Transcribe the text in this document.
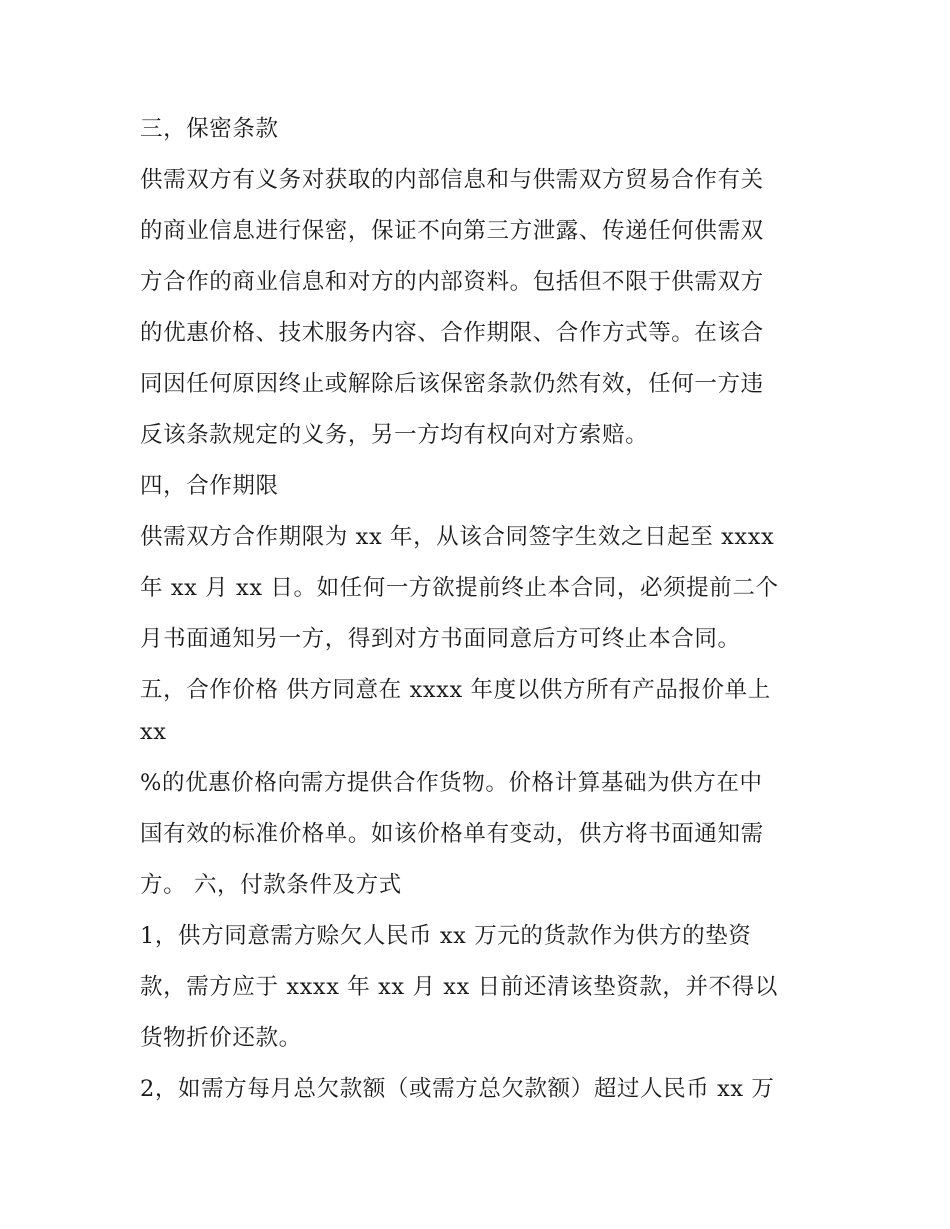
三，保密条款

供需双方有义务对获取的内部信息和与供需双方贸易合作有关

的商业信息进行保密，保证不向第三方泄露、传递任何供需双

方合作的商业信息和对方的内部资料。包括但不限于供需双方

的优惠价格、技术服务内容、合作期限、合作方式等。在该合

同因任何原因终止或解除后该保密条款仍然有效，任何一方违

反该条款规定的义务，另一方均有权向对方索赔。

四，合作期限

供需双方合作期限为 xx 年，从该合同签字生效之日起至 xxxx

年 xx 月 xx 日。如任何一方欲提前终止本合同，必须提前二个

月书面通知另一方，得到对方书面同意后方可终止本合同。

五，合作价格 供方同意在 xxxx 年度以供方所有产品报价单上

xx

%的优惠价格向需方提供合作货物。价格计算基础为供方在中

国有效的标准价格单。如该价格单有变动，供方将书面通知需

方。 六，付款条件及方式

1，供方同意需方赊欠人民币 xx 万元的货款作为供方的垫资

款，需方应于 xxxx 年 xx 月 xx 日前还清该垫资款，并不得以

货物折价还款。

2，如需方每月总欠款额（或需方总欠款额）超过人民币 xx 万
